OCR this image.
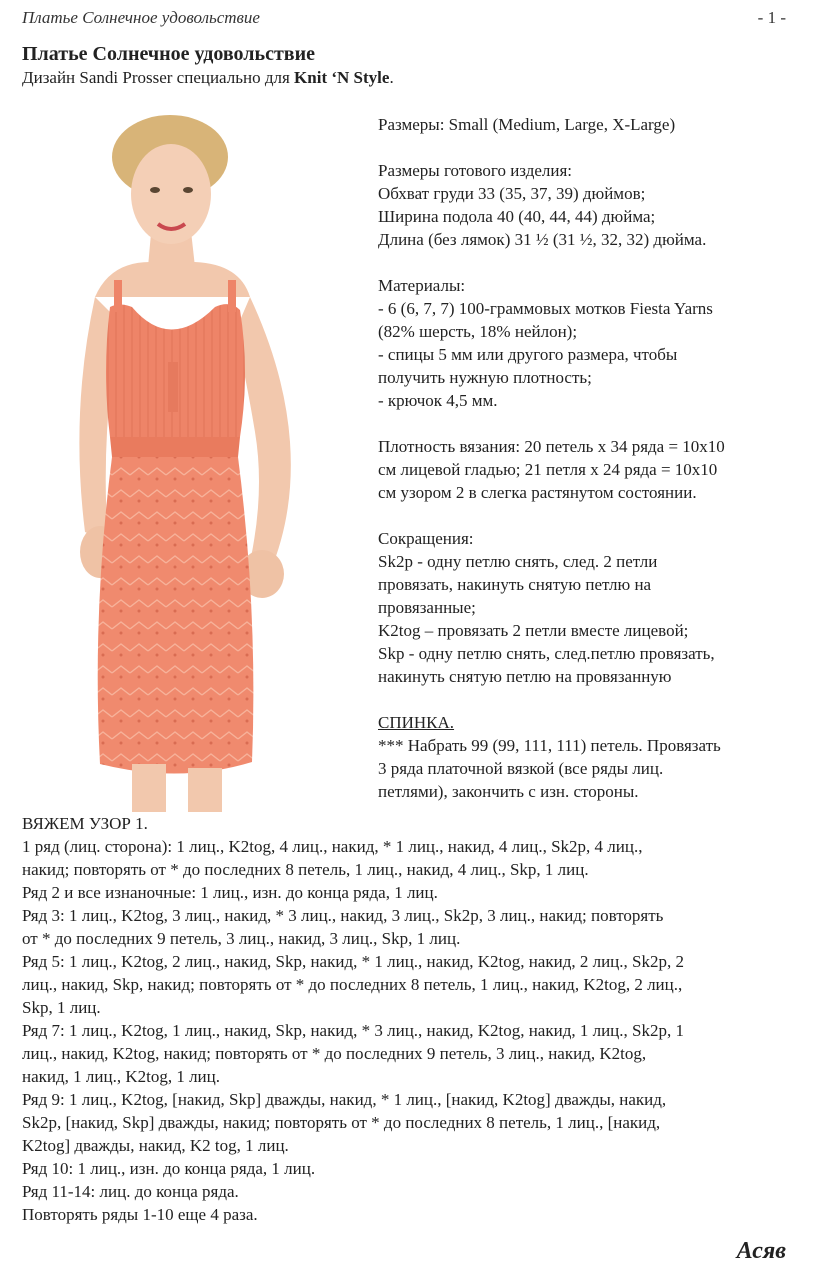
Платье Солнечное удовольствие	- 1 -
Платье Солнечное удовольствие
Дизайн Sandi Prosser специально для Knit ‘N Style.

Размеры: Small (Medium, Large, X-Large)

Размеры готового изделия:

Обхват груди 33 (35, 37, 39) дюймов;

Ширина подола 40 (40, 44, 44) дюйма;

Длина (без лямок) 31 ½ (31 ½, 32, 32) дюйма.

Материалы:

- 6 (6, 7, 7) 100-граммовых мотков Fiesta Yarns

(82% шерсть, 18% нейлон);

- спицы 5 мм или другого размера, чтобы

получить нужную плотность;

- крючок 4,5 мм.

Плотность вязания: 20 петель х 34 ряда = 10х10

см лицевой гладью; 21 петля х 24 ряда = 10х10

см узором 2 в слегка растянутом состоянии.

Сокращения:

Sk2p - одну петлю снять, след. 2 петли

провязать, накинуть снятую петлю на

провязанные;

K2tog – провязать 2 петли вместе лицевой;

Skp - одну петлю снять, след.петлю провязать,

накинуть снятую петлю на провязанную

СПИНКА.

*** Набрать 99 (99, 111, 111) петель. Провязать

3 ряда платочной вязкой (все ряды лиц.

петлями), закончить с изн. стороны.

ВЯЖЕМ УЗОР 1.

1 ряд (лиц. сторона): 1 лиц., K2tog, 4 лиц., накид, * 1 лиц., накид, 4 лиц., Sk2p, 4 лиц.,

накид; повторять от * до последних 8 петель, 1 лиц., накид, 4 лиц., Skp, 1 лиц.

Ряд 2 и все изнаночные: 1 лиц., изн. до конца ряда, 1 лиц.

Ряд 3: 1 лиц., K2tog, 3 лиц., накид, * 3 лиц., накид, 3 лиц., Sk2p, 3 лиц., накид; повторять

от * до последних 9 петель, 3 лиц., накид, 3 лиц., Skp, 1 лиц.

Ряд 5: 1 лиц., K2tog, 2 лиц., накид, Skp, накид, * 1 лиц., накид, K2tog, накид, 2 лиц., Sk2p, 2

лиц., накид, Skp, накид; повторять от * до последних 8 петель, 1 лиц., накид, K2tog, 2 лиц.,

Skp, 1 лиц.

Ряд 7: 1 лиц., K2tog, 1 лиц., накид, Skp, накид, * 3 лиц., накид, K2tog, накид, 1 лиц., Sk2p, 1

лиц., накид, K2tog, накид; повторять от * до последних 9 петель, 3 лиц., накид, K2tog,

накид, 1 лиц., K2tog, 1 лиц.

Ряд 9: 1 лиц., K2tog, [накид, Skp] дважды, накид, * 1 лиц., [накид, K2tog] дважды, накид,

Sk2p, [накид, Skp] дважды, накид; повторять от * до последних 8 петель, 1 лиц., [накид,

K2tog] дважды, накид, K2 tog, 1 лиц.

Ряд 10: 1 лиц., изн. до конца ряда, 1 лиц.

Ряд 11-14: лиц. до конца ряда.

Повторять ряды 1-10 еще 4 раза.

Асяв
